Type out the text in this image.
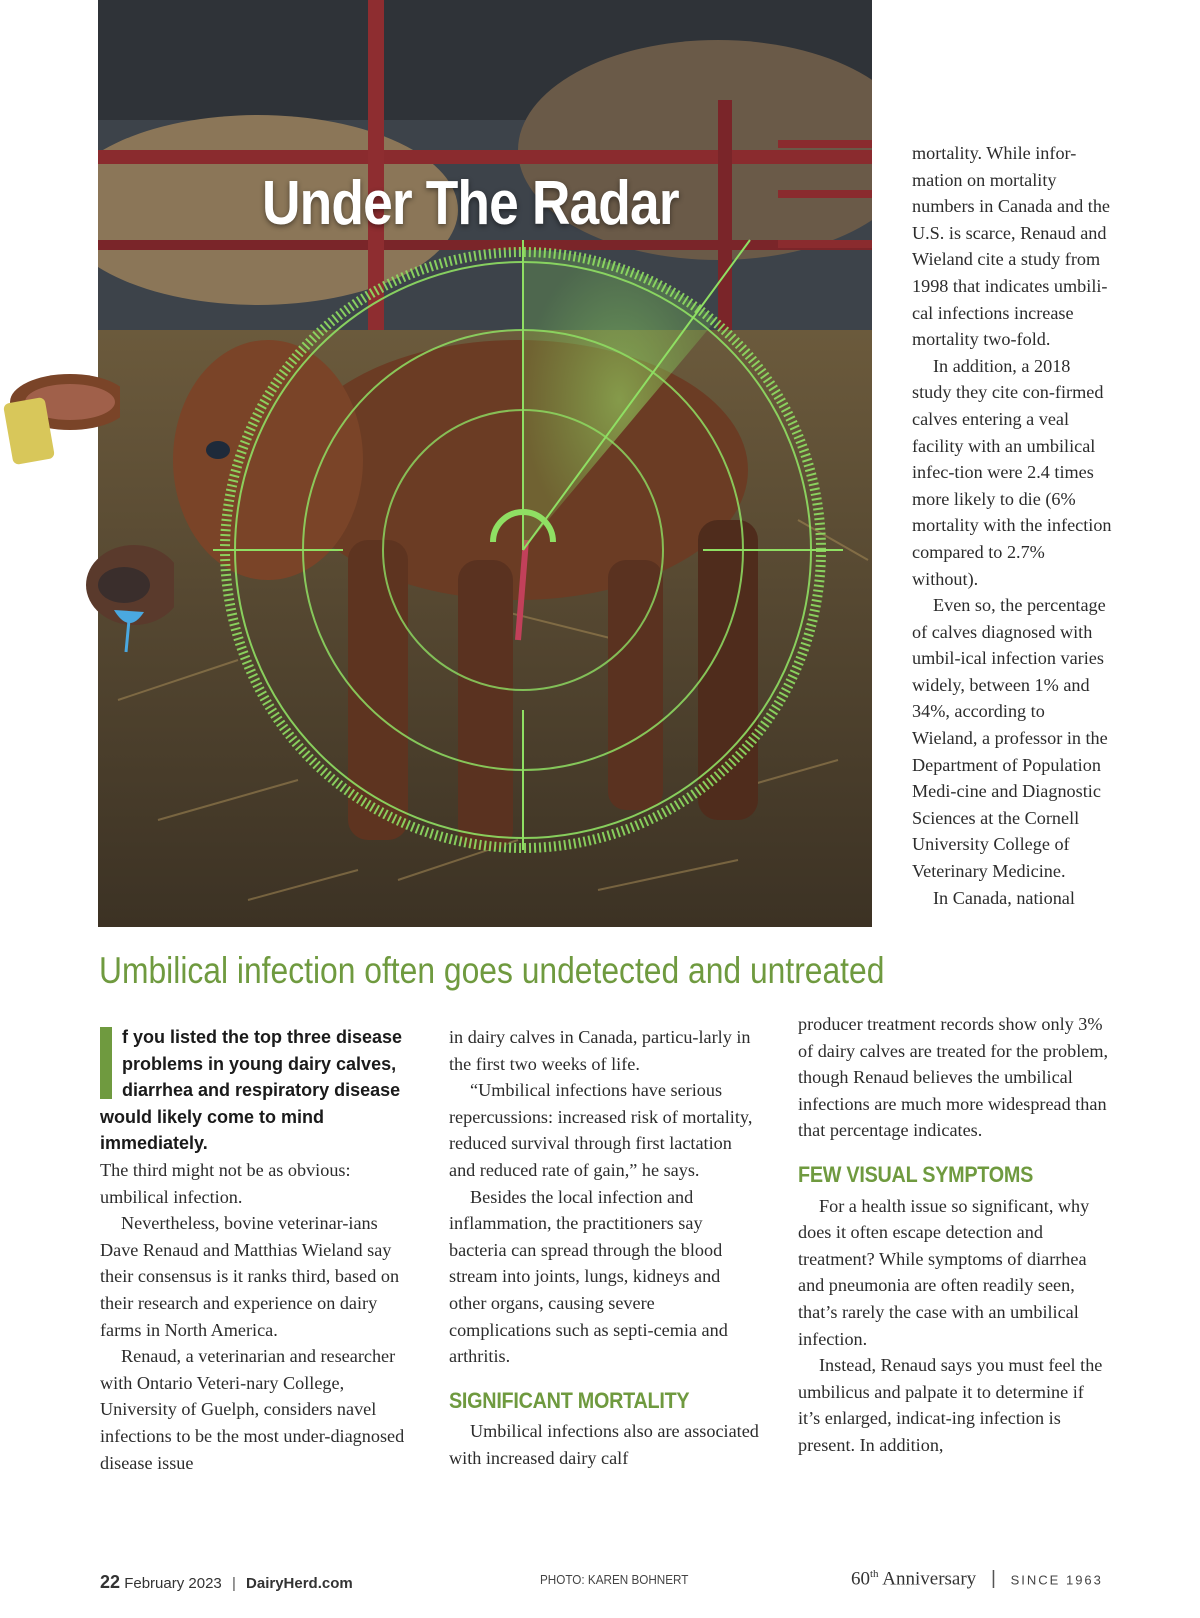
Under The Radar
Umbilical infection often goes undetected and untreated

mortality. While infor-mation on mortality numbers in Canada and the U.S. is scarce, Renaud and Wieland cite a study from 1998 that indicates umbili-cal infections increase mortality two-fold.

In addition, a 2018 study they cite con-firmed calves entering a veal facility with an umbilical infec-tion were 2.4 times more likely to die (6% mortality with the infection compared to 2.7% without).

Even so, the percentage of calves diagnosed with umbil-ical infection varies widely, between 1% and 34%, according to Wieland, a professor in the Department of Population Medi-cine and Diagnostic Sciences at the Cornell University College of Veterinary Medicine.

In Canada, national

f you listed the top three disease problems in young dairy calves, diarrhea and respiratory disease would likely come to mind immediately.

The third might not be as obvious: umbilical infection.

Nevertheless, bovine veterinar-ians Dave Renaud and Matthias Wieland say their consensus is it ranks third, based on their research and experience on dairy farms in North America.

Renaud, a veterinarian and researcher with Ontario Veteri-nary College, University of Guelph, considers navel infections to be the most under-diagnosed disease issue

in dairy calves in Canada, particu-larly in the first two weeks of life.

“Umbilical infections have serious repercussions: increased risk of mortality, reduced survival through first lactation and reduced rate of gain,” he says.

Besides the local infection and inflammation, the practitioners say bacteria can spread through the blood stream into joints, lungs, kidneys and other organs, causing severe complications such as septi-cemia and arthritis.

SIGNIFICANT MORTALITY

Umbilical infections also are associated with increased dairy calf

producer treatment records show only 3% of dairy calves are treated for the problem, though Renaud believes the umbilical infections are much more widespread than that percentage indicates.

FEW VISUAL SYMPTOMS

For a health issue so significant, why does it often escape detection and treatment? While symptoms of diarrhea and pneumonia are often readily seen, that’s rarely the case with an umbilical infection.

Instead, Renaud says you must feel the umbilicus and palpate it to determine if it’s enlarged, indicat-ing infection is present. In addition,

22 February 2023 | DairyHerd.com	PHOTO: KAREN BOHNERT	60th Anniversary | SINCE 1963
